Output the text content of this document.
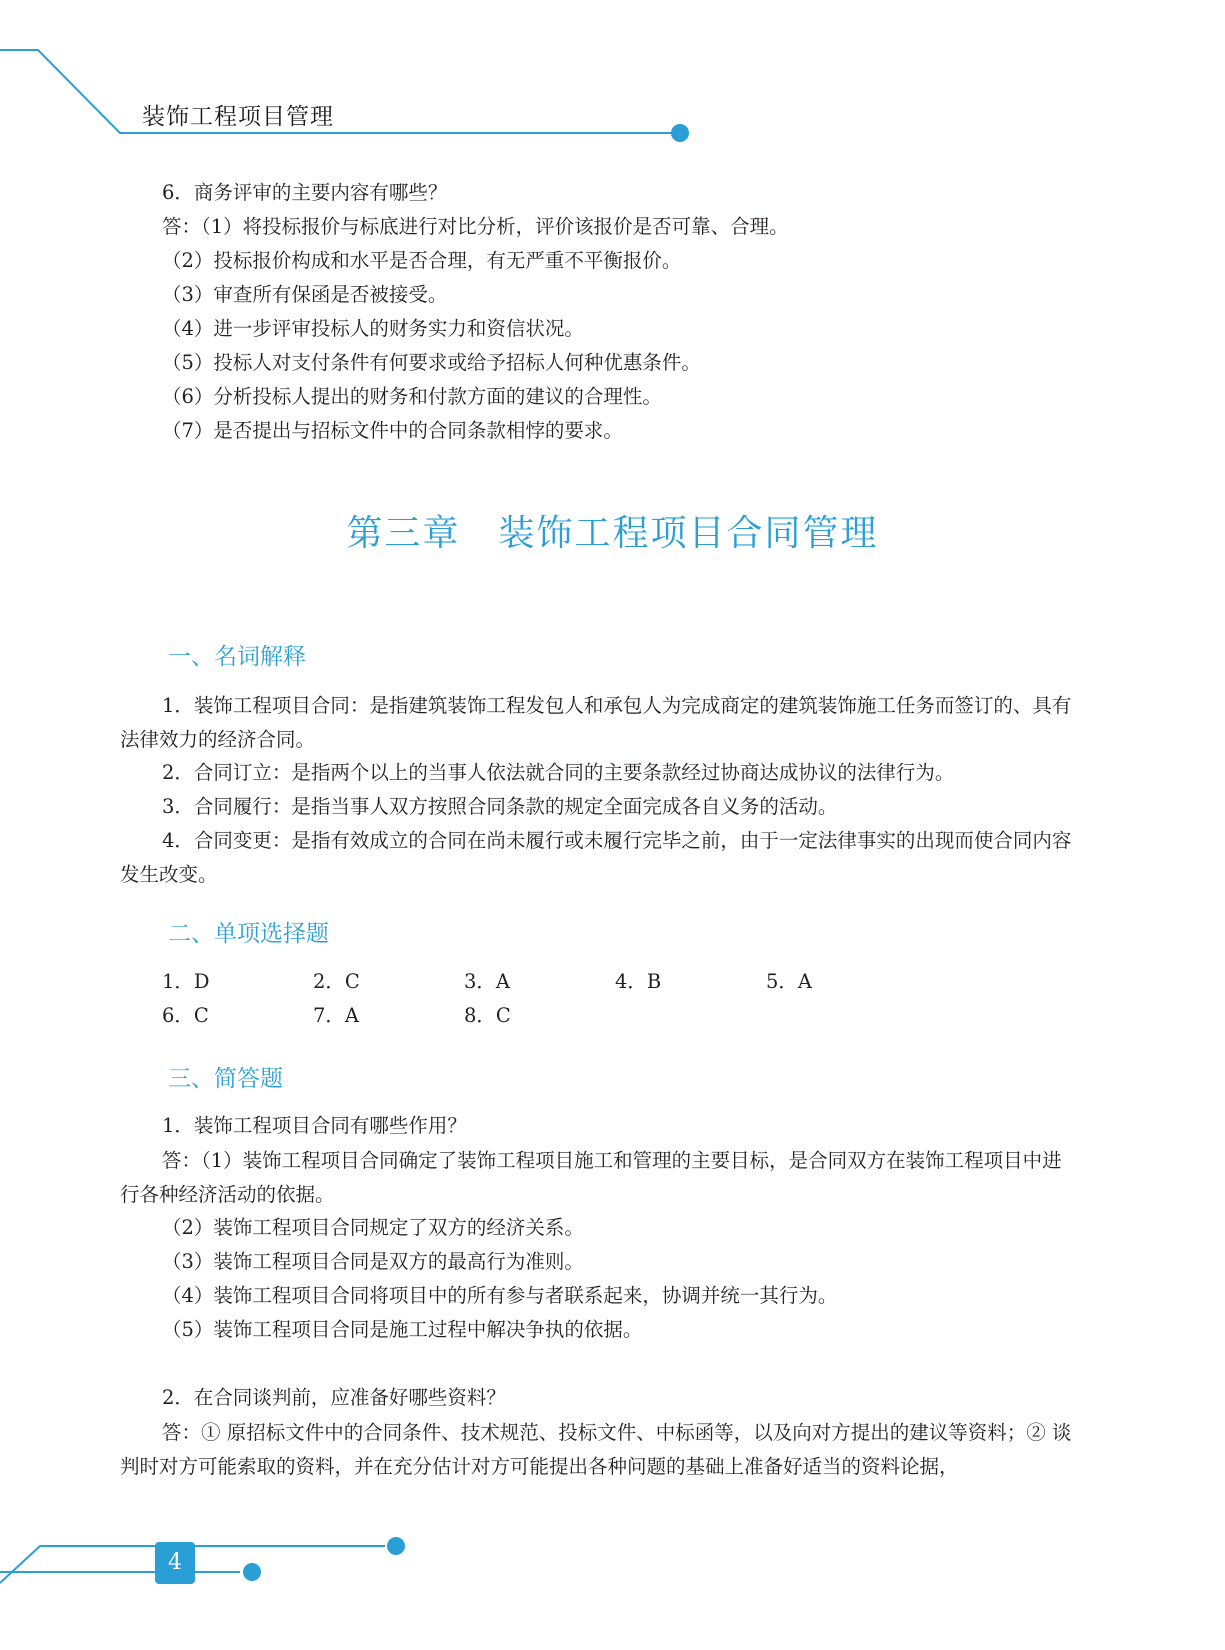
装饰工程项目管理
6．商务评审的主要内容有哪些？
答：（1）将投标报价与标底进行对比分析，评价该报价是否可靠、合理。
（2）投标报价构成和水平是否合理，有无严重不平衡报价。
（3）审查所有保函是否被接受。
（4）进一步评审投标人的财务实力和资信状况。
（5）投标人对支付条件有何要求或给予招标人何种优惠条件。
（6）分析投标人提出的财务和付款方面的建议的合理性。
（7）是否提出与招标文件中的合同条款相悖的要求。
一、名词解释
1．装饰工程项目合同：是指建筑装饰工程发包人和承包人为完成商定的建筑装饰施工任务而签订的、具有法律效力的经济合同。
2．合同订立：是指两个以上的当事人依法就合同的主要条款经过协商达成协议的法律行为。
3．合同履行：是指当事人双方按照合同条款的规定全面完成各自义务的活动。
4．合同变更：是指有效成立的合同在尚未履行或未履行完毕之前，由于一定法律事实的出现而使合同内容发生改变。
二、单项选择题
1．D	2．C	3．A	4．B	5．A
6．C	7．A	8．C
三、简答题
1．装饰工程项目合同有哪些作用？
答：（1）装饰工程项目合同确定了装饰工程项目施工和管理的主要目标，是合同双方在装饰工程项目中进行各种经济活动的依据。
（2）装饰工程项目合同规定了双方的经济关系。
（3）装饰工程项目合同是双方的最高行为准则。
（4）装饰工程项目合同将项目中的所有参与者联系起来，协调并统一其行为。
（5）装饰工程项目合同是施工过程中解决争执的依据。
2．在合同谈判前，应准备好哪些资料？
答：① 原招标文件中的合同条件、技术规范、投标文件、中标函等，以及向对方提出的建议等资料；② 谈判时对方可能索取的资料，并在充分估计对方可能提出各种问题的基础上准备好适当的资料论据，
第三章　装饰工程项目合同管理
4
